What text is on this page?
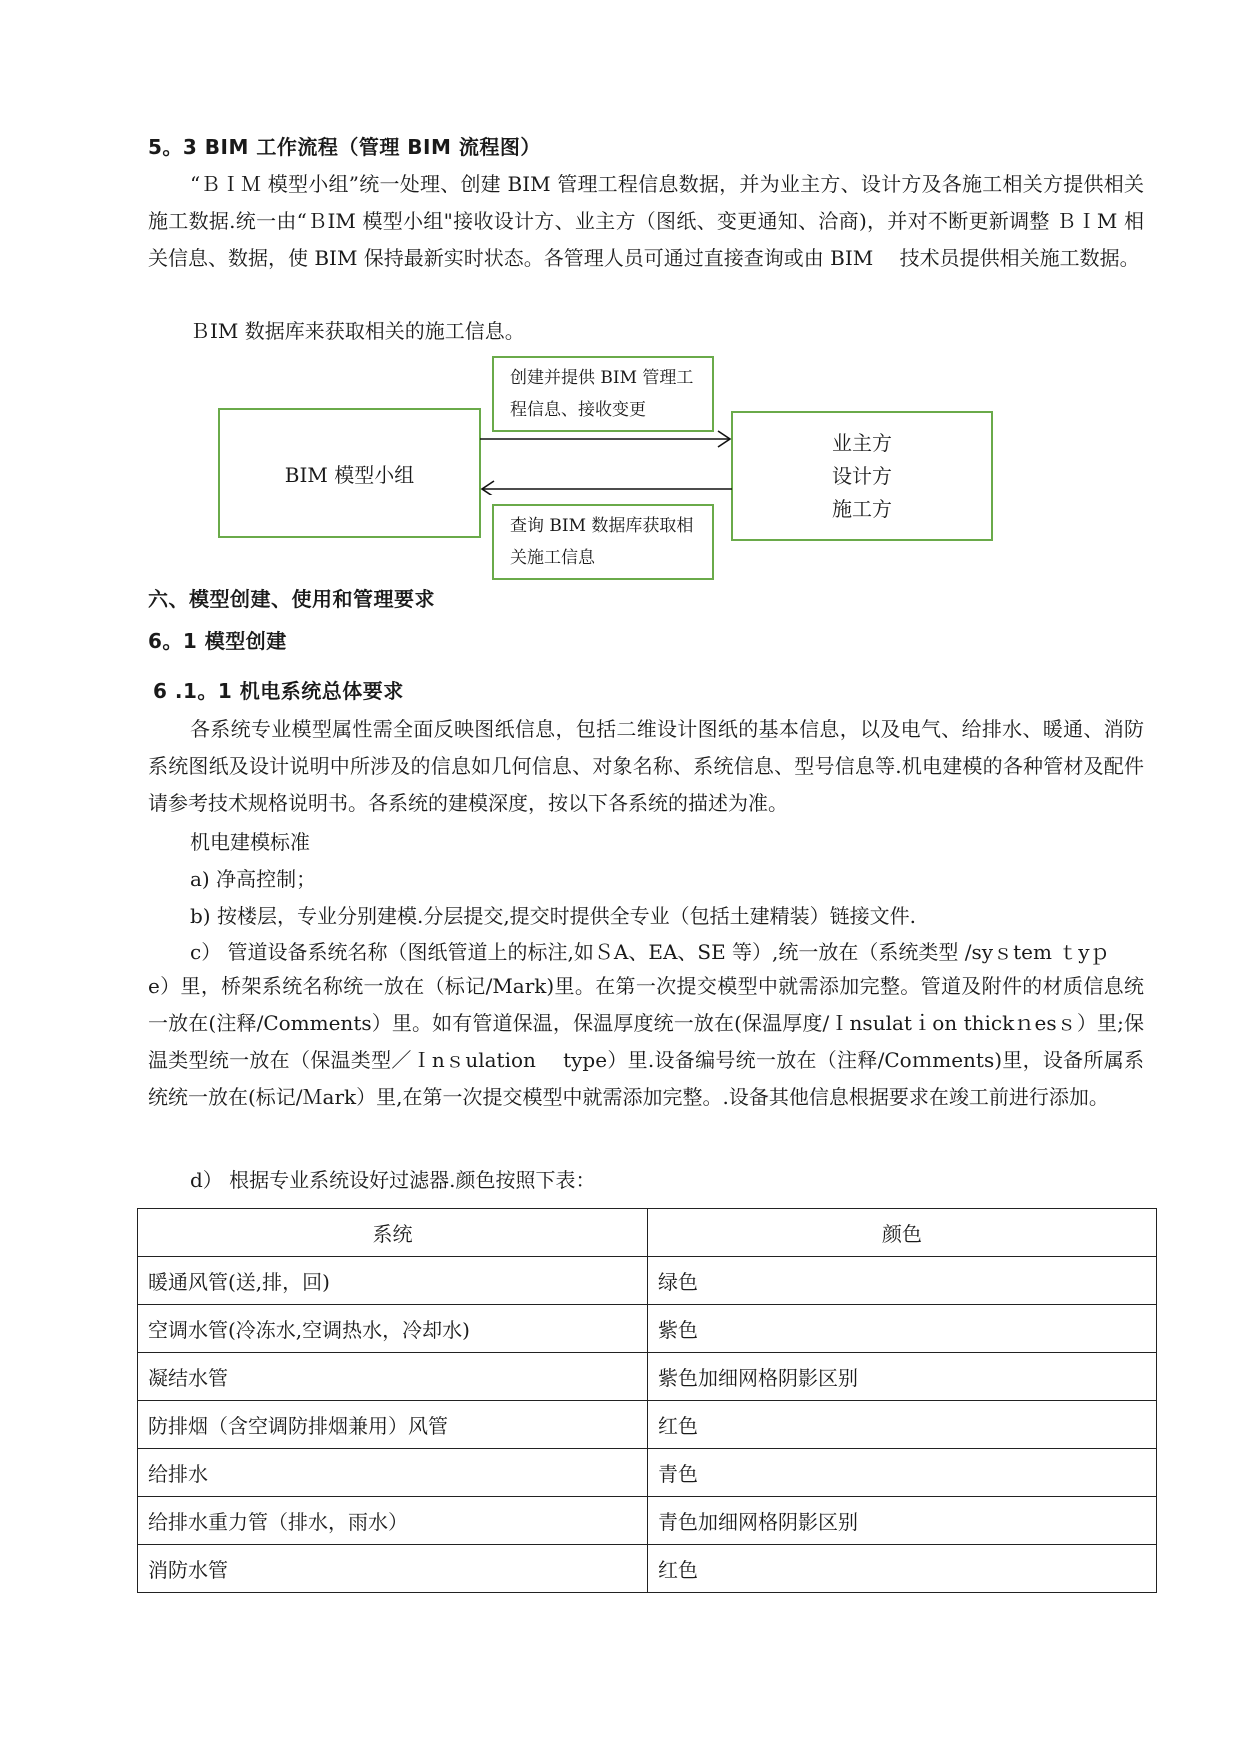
5。3 BIM 工作流程（管理 BIM 流程图）
“ＢＩＭ 模型小组”统一处理、创建 BIM 管理工程信息数据，并为业主方、设计方及各施工相关方提供相关施工数据.统一由“ＢIM 模型小组"接收设计方、业主方（图纸、变更通知、洽商)，并对不断更新调整 ＢＩM 相关信息、数据，使 BIM 保持最新实时状态。各管理人员可通过直接查询或由 BIM　 技术员提供相关施工数据。
ＢIM 数据库来获取相关的施工信息。
创建并提供 BIM 管理工
程信息、接收变更
BIM 模型小组
业主方
设计方
施工方
查询 BIM 数据库获取相
关施工信息
六、模型创建、使用和管理要求
6。1 模型创建
6 .1。1 机电系统总体要求
各系统专业模型属性需全面反映图纸信息，包括二维设计图纸的基本信息，以及电气、给排水、暖通、消防系统图纸及设计说明中所涉及的信息如几何信息、对象名称、系统信息、型号信息等.机电建模的各种管材及配件请参考技术规格说明书。各系统的建模深度，按以下各系统的描述为准。
机电建模标准
a) 净高控制；
b) 按楼层，专业分别建模.分层提交,提交时提供全专业（包括土建精装）链接文件.
c） 管道设备系统名称（图纸管道上的标注,如ＳA、EA、SE 等）,统一放在（系统类型 /syｓtem ｔyｐ
e）里，桥架系统名称统一放在（标记/Mark)里。在第一次提交模型中就需添加完整。管道及附件的材质信息统一放在(注释/Comments）里。如有管道保温，保温厚度统一放在(保温厚度/Ｉnsulatｉon thickｎesｓ）里;保温类型统一放在（保温类型／Ｉnｓulation　 type）里.设备编号统一放在（注释/Coｍments)里，设备所属系统统一放在(标记/Ｍark）里,在第一次提交模型中就需添加完整。.设备其他信息根据要求在竣工前进行添加。
d） 根据专业系统设好过滤器.颜色按照下表：
系统	颜色
暖通风管(送,排，回)	绿色
空调水管(冷冻水,空调热水，冷却水)	紫色
凝结水管	紫色加细网格阴影区别
防排烟（含空调防排烟兼用）风管	红色
给排水	青色
给排水重力管（排水，雨水）	青色加细网格阴影区别
消防水管	红色
